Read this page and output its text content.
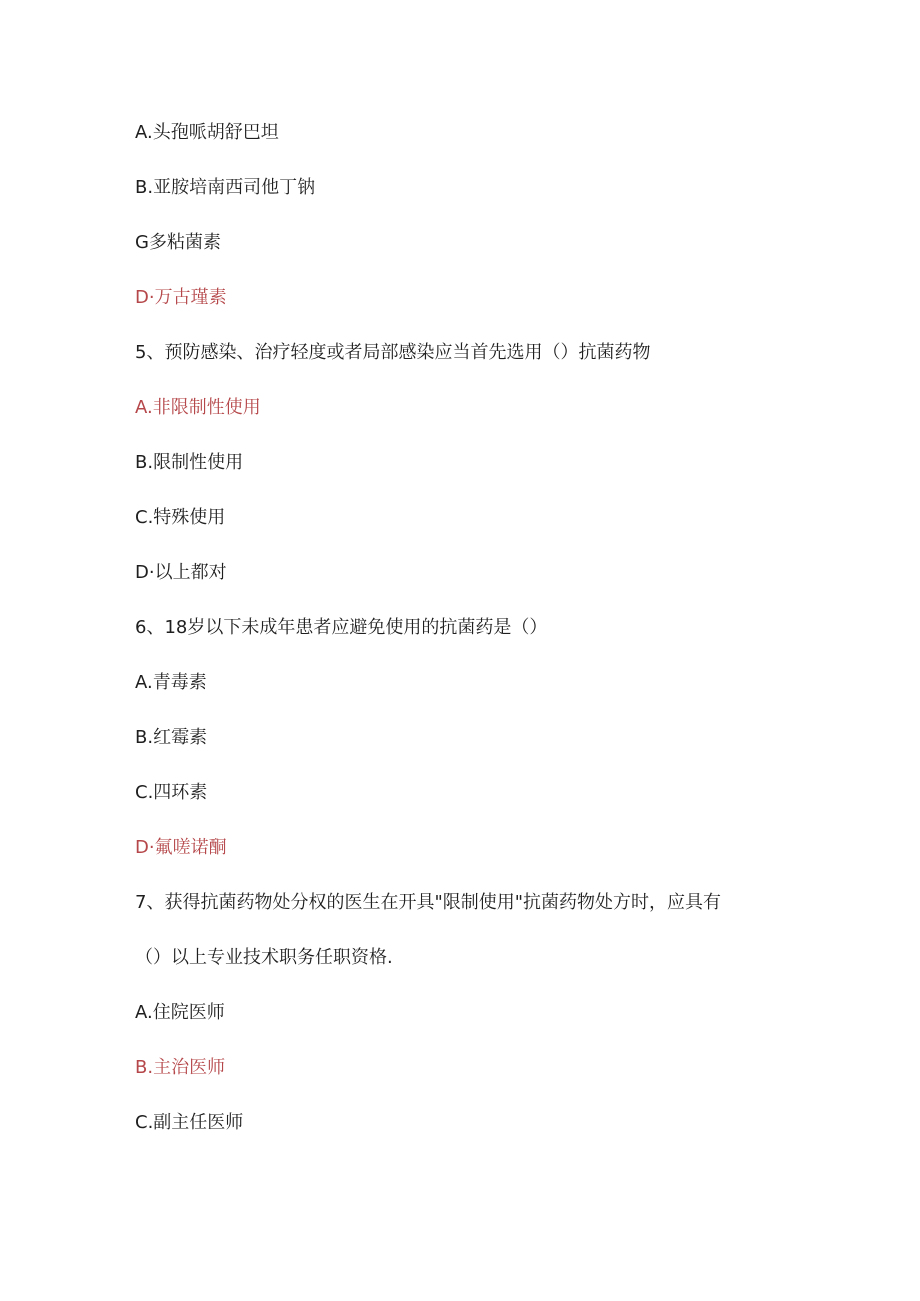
A.头孢哌胡舒巴坦
B.亚胺培南西司他丁钠
G多粘菌素
D·万古瑾素
5、预防感染、治疗轻度或者局部感染应当首先选用（）抗菌药物
A.非限制性使用
B.限制性使用
C.特殊使用
D·以上都对
6、18岁以下未成年患者应避免使用的抗菌药是（）
A.青毒素
B.红霉素
C.四环素
D·氟嗟诺酮
7、获得抗菌药物处分权的医生在开具"限制使用"抗菌药物处方时，应具有
（）以上专业技术职务任职资格.
A.住院医师
B.主治医师
C.副主任医师
